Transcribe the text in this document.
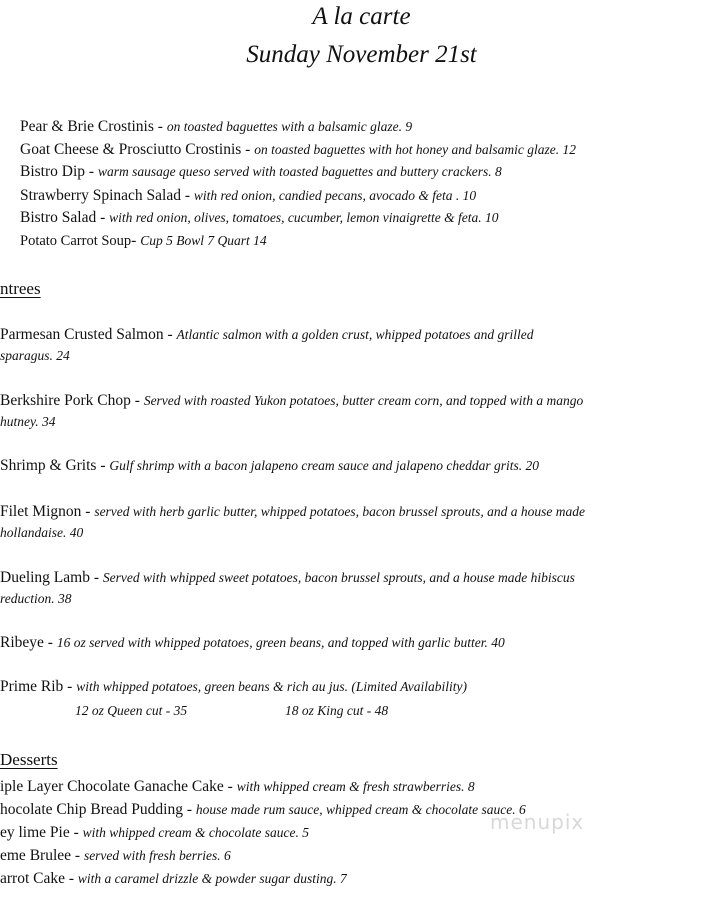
A la carte
Sunday November 21st
Pear & Brie Crostinis - on toasted baguettes with a balsamic glaze. 9
Goat Cheese & Prosciutto Crostinis - on toasted baguettes with hot honey and balsamic glaze. 12
Bistro Dip - warm sausage queso served with toasted baguettes and buttery crackers. 8
Strawberry Spinach Salad - with red onion, candied pecans, avocado & feta . 10
Bistro Salad - with red onion, olives, tomatoes, cucumber, lemon vinaigrette & feta. 10
Potato Carrot Soup- Cup 5 Bowl 7 Quart 14
ntrees
Parmesan Crusted Salmon - Atlantic salmon with a golden crust, whipped potatoes and grilled
sparagus. 24
Berkshire Pork Chop - Served with roasted Yukon potatoes, butter cream corn, and topped with a mango
hutney. 34
Shrimp & Grits - Gulf shrimp with a bacon jalapeno cream sauce and jalapeno cheddar grits. 20
Filet Mignon - served with herb garlic butter, whipped potatoes, bacon brussel sprouts, and a house made
hollandaise. 40
Dueling Lamb - Served with whipped sweet potatoes, bacon brussel sprouts, and a house made hibiscus
reduction. 38
Ribeye - 16 oz served with whipped potatoes, green beans, and topped with garlic butter. 40
Prime Rib - with whipped potatoes, green beans & rich au jus. (Limited Availability)
12 oz Queen cut - 35	18 oz King cut - 48
Desserts
iple Layer Chocolate Ganache Cake - with whipped cream & fresh strawberries. 8
hocolate Chip Bread Pudding - house made rum sauce, whipped cream & chocolate sauce. 6
ey lime Pie - with whipped cream & chocolate sauce. 5
eme Brulee - served with fresh berries. 6
arrot Cake - with a caramel drizzle & powder sugar dusting. 7
menupix
